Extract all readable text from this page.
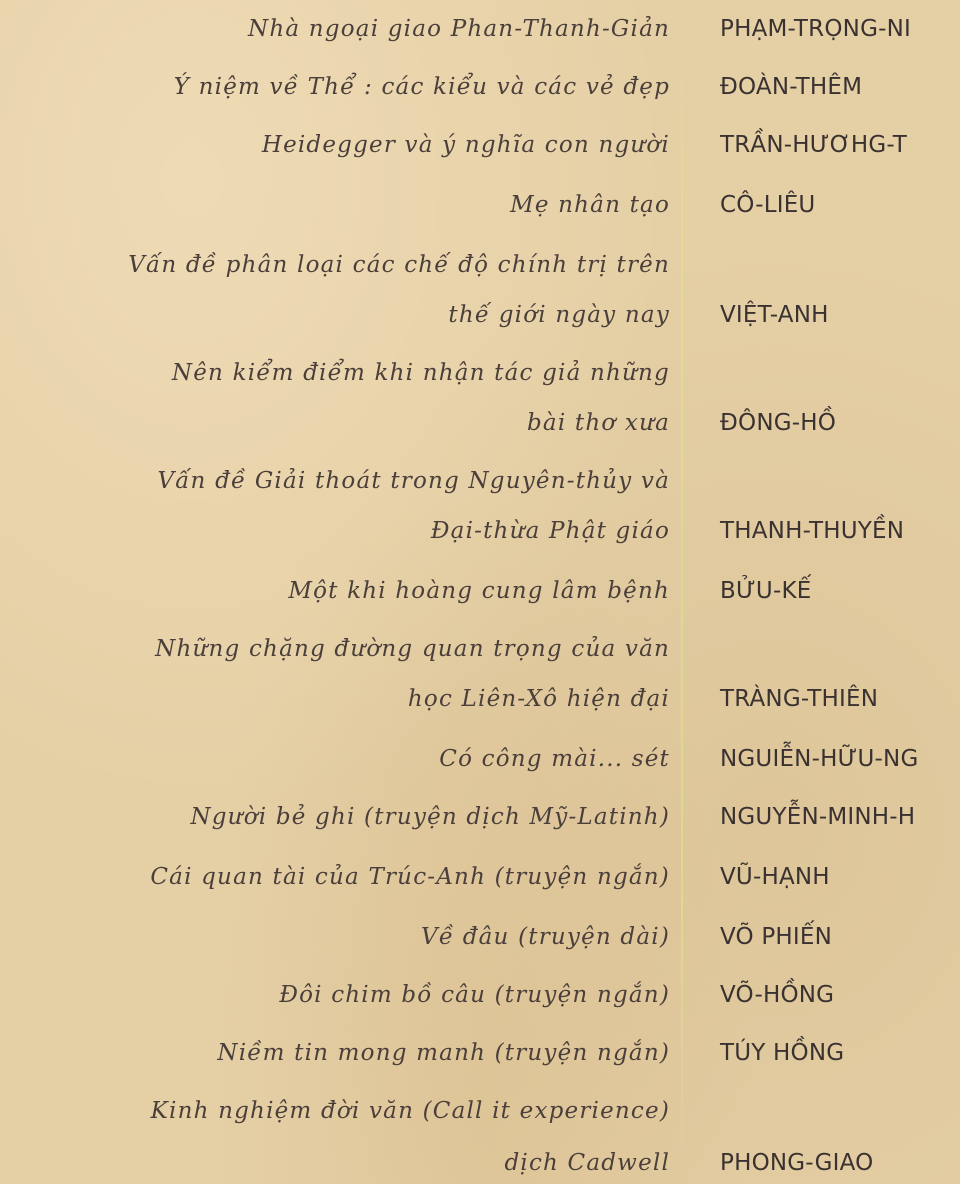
Nhà ngoại giao Phan-Thanh-Giản PHẠM-TRỌNG-NI
Ý niệm về Thể : các kiểu và các vẻ đẹp ĐOÀN-THÊM
Heidegger và ý nghĩa con người TRẦN-HƯƠHG-T
Mẹ nhân tạo CÔ-LIÊU
Vấn đề phân loại các chế độ chính trị trên
thế giới ngày nay VIỆT-ANH
Nên kiểm điểm khi nhận tác giả những
bài thơ xưa ĐÔNG-HỒ
Vấn đề Giải thoát trong Nguyên-thủy và
Đại-thừa Phật giáo THANH-THUYỀN
Một khi hoàng cung lâm bệnh BỬU-KẾ
Những chặng đường quan trọng của văn
học Liên-Xô hiện đại TRÀNG-THIÊN
Có công mài... sét NGUIỄN-HỮU-NG
Người bẻ ghi (truyện dịch Mỹ-Latinh) NGUYỄN-MINH-H
Cái quan tài của Trúc-Anh (truyện ngắn) VŨ-HẠNH
Về đâu (truyện dài) VÕ PHIẾN
Đôi chim bồ câu (truyện ngắn) VÕ-HỒNG
Niềm tin mong manh (truyện ngắn) TÚY HỒNG
Kinh nghiệm đời văn (Call it experience)
dịch Cadwell PHONG-GIAO
